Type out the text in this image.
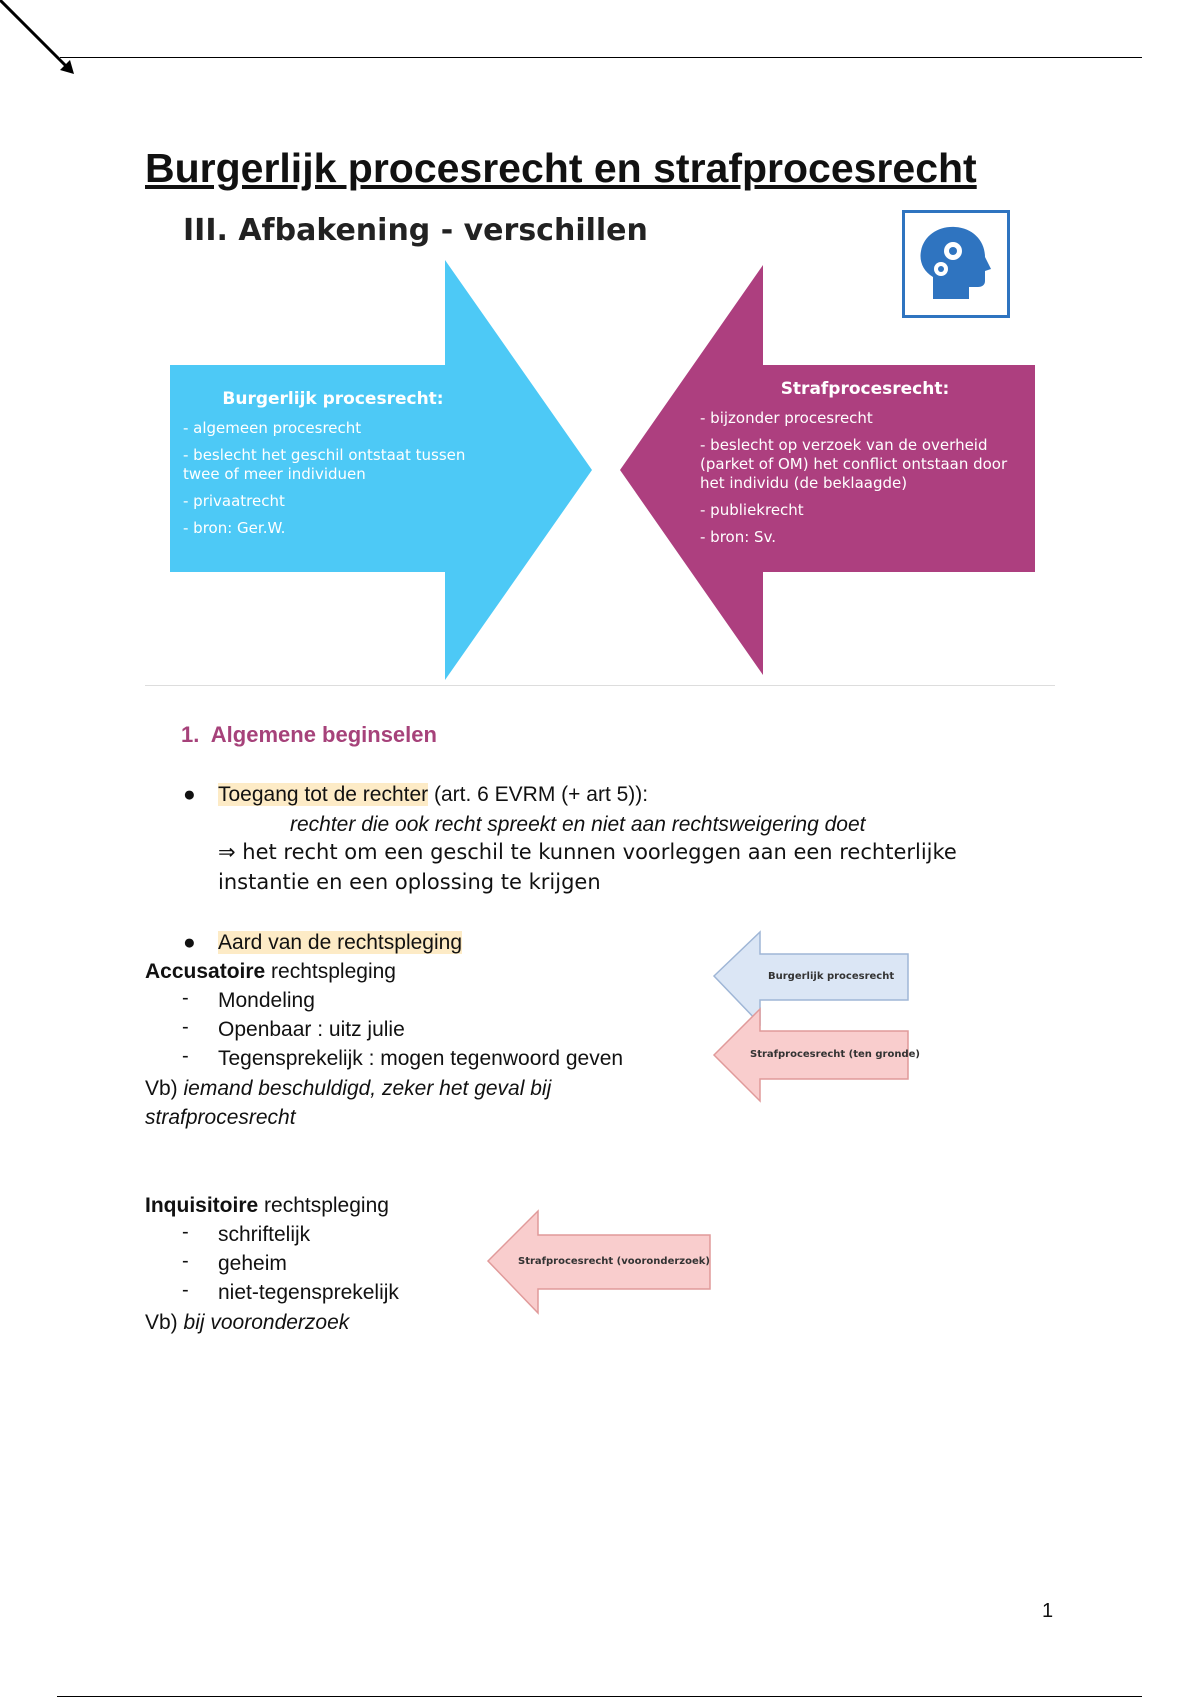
Burgerlijk procesrecht en strafprocesrecht
III. Afbakening - verschillen
Burgerlijk procesrecht:
- algemeen procesrecht
- beslecht het geschil ontstaat tussen twee of meer individuen
- privaatrecht
- bron: Ger.W.
Strafprocesrecht:
- bijzonder procesrecht
- beslecht op verzoek van de overheid (parket of OM) het conflict ontstaan door het individu (de beklaagde)
- publiekrecht
- bron: Sv.
1. Algemene beginselen
● Toegang tot de rechter (art. 6 EVRM (+ art 5)):
rechter die ook recht spreekt en niet aan rechtsweigering doet
⇒ het recht om een geschil te kunnen voorleggen aan een rechterlijke
instantie en een oplossing te krijgen
● Aard van de rechtspleging
Accusatoire rechtspleging
- Mondeling
- Openbaar : uitz julie
- Tegensprekelijk : mogen tegenwoord geven
Vb) iemand beschuldigd, zeker het geval bij
strafprocesrecht
Burgerlijk procesrecht
Strafprocesrecht (ten gronde)
Inquisitoire rechtspleging
- schriftelijk
- geheim
- niet-tegensprekelijk
Vb) bij vooronderzoek
Strafprocesrecht (vooronderzoek)
1
